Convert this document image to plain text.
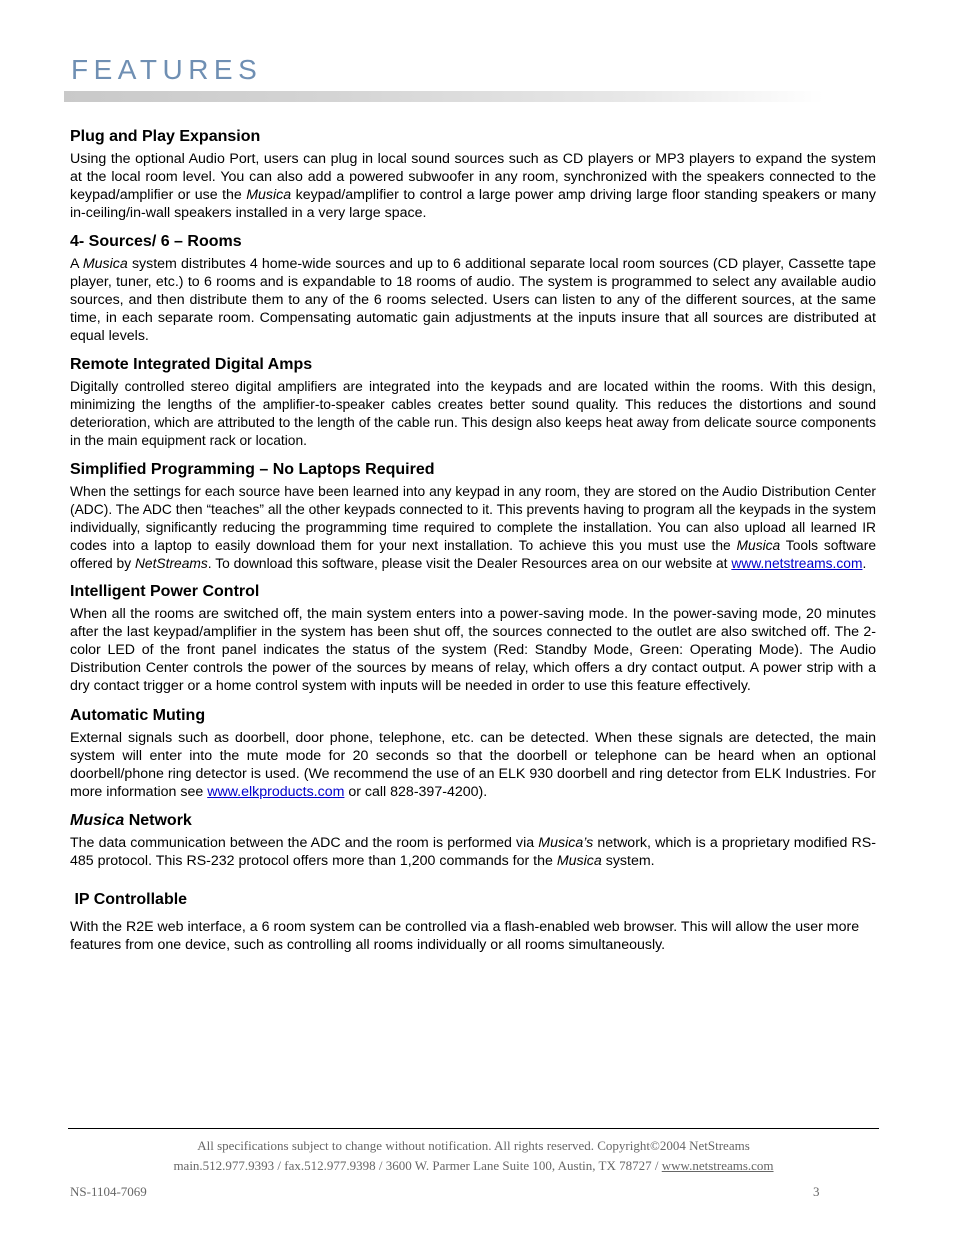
FEATURES

Plug and Play Expansion

Using the optional Audio Port, users can plug in local sound sources such as CD players or MP3 players to expand the system at the local room level. You can also add a powered subwoofer in any room, synchronized with the speakers connected to the keypad/amplifier or use the Musica keypad/amplifier to control a large power amp driving large floor standing speakers or many in-ceiling/in-wall speakers installed in a very large space.

4- Sources/ 6 – Rooms

A Musica system distributes 4 home-wide sources and up to 6 additional separate local room sources (CD player, Cassette tape player, tuner, etc.) to 6 rooms and is expandable to 18 rooms of audio. The system is programmed to select any available audio sources, and then distribute them to any of the 6 rooms selected. Users can listen to any of the different sources, at the same time, in each separate room. Compensating automatic gain adjustments at the inputs insure that all sources are distributed at equal levels.

Remote Integrated Digital Amps

Digitally controlled stereo digital amplifiers are integrated into the keypads and are located within the rooms. With this design, minimizing the lengths of the amplifier-to-speaker cables creates better sound quality. This reduces the distortions and sound deterioration, which are attributed to the length of the cable run. This design also keeps heat away from delicate source components in the main equipment rack or location.

Simplified Programming – No Laptops Required

When the settings for each source have been learned into any keypad in any room, they are stored on the Audio Distribution Center (ADC). The ADC then “teaches” all the other keypads connected to it. This prevents having to program all the keypads in the system individually, significantly reducing the programming time required to complete the installation. You can also upload all learned IR codes into a laptop to easily download them for your next installation. To achieve this you must use the Musica Tools software offered by NetStreams. To download this software, please visit the Dealer Resources area on our website at www.netstreams.com.

Intelligent Power Control

When all the rooms are switched off, the main system enters into a power-saving mode. In the power-saving mode, 20 minutes after the last keypad/amplifier in the system has been shut off, the sources connected to the outlet are also switched off. The 2-color LED of the front panel indicates the status of the system (Red: Standby Mode, Green: Operating Mode). The Audio Distribution Center controls the power of the sources by means of relay, which offers a dry contact output. A power strip with a dry contact trigger or a home control system with inputs will be needed in order to use this feature effectively.

Automatic Muting

External signals such as doorbell, door phone, telephone, etc. can be detected. When these signals are detected, the main system will enter into the mute mode for 20 seconds so that the doorbell or telephone can be heard when an optional doorbell/phone ring detector is used. (We recommend the use of an ELK 930 doorbell and ring detector from ELK Industries. For more information see www.elkproducts.com or call 828-397-4200).

Musica Network

The data communication between the ADC and the room is performed via Musica’s network, which is a proprietary modified RS-485 protocol. This RS-232 protocol offers more than 1,200 commands for the Musica system.

IP Controllable

With the R2E web interface, a 6 room system can be controlled via a flash-enabled web browser. This will allow the user more features from one device, such as controlling all rooms individually or all rooms simultaneously.

All specifications subject to change without notification. All rights reserved. Copyright©2004 NetStreams
main.512.977.9393 / fax.512.977.9398 / 3600 W. Parmer Lane Suite 100, Austin, TX 78727 / www.netstreams.com
NS-1104-7069	3
